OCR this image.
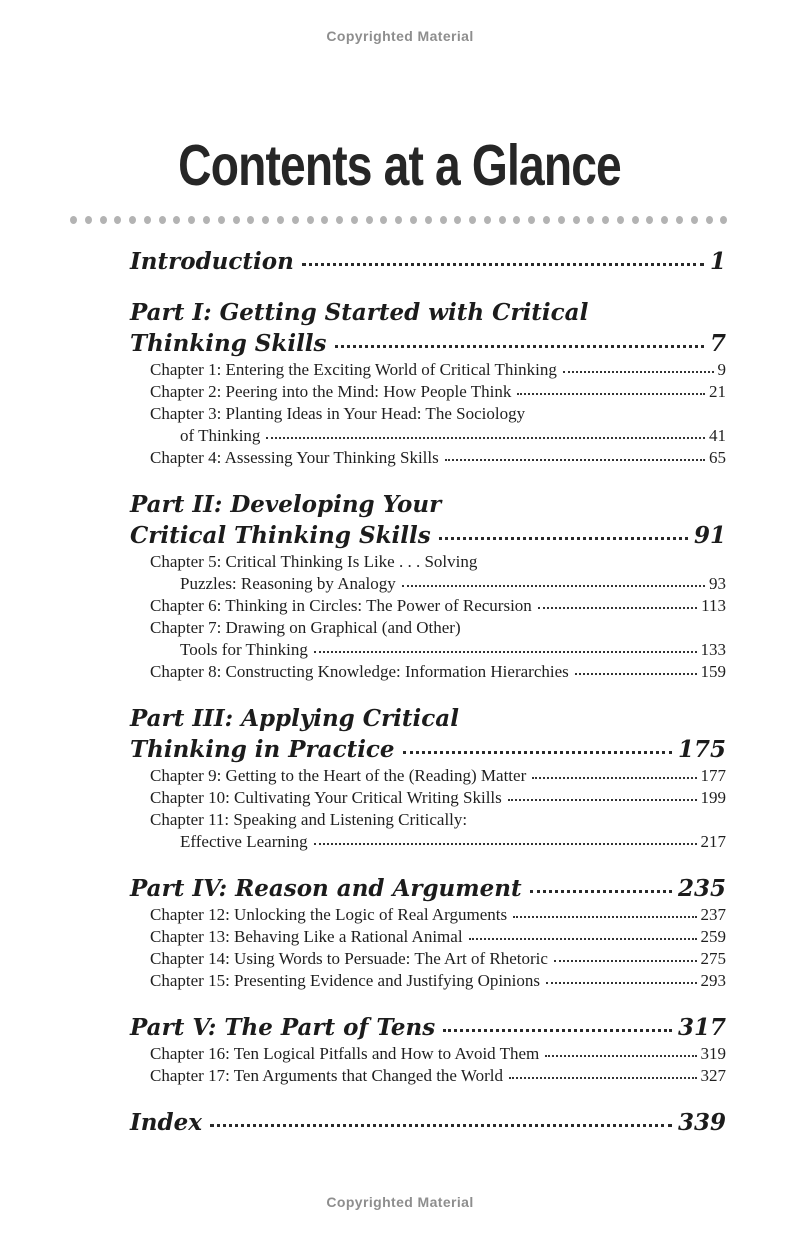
Copyrighted Material
Contents at a Glance
Introduction	1
Part I: Getting Started with Critical
Thinking Skills	7
Chapter 1: Entering the Exciting World of Critical Thinking	9
Chapter 2: Peering into the Mind: How People Think	21
Chapter 3: Planting Ideas in Your Head: The Sociology
of Thinking	41
Chapter 4: Assessing Your Thinking Skills	65
Part II: Developing Your
Critical Thinking Skills	91
Chapter 5: Critical Thinking Is Like . . . Solving
Puzzles: Reasoning by Analogy	93
Chapter 6: Thinking in Circles: The Power of Recursion	113
Chapter 7: Drawing on Graphical (and Other)
Tools for Thinking	133
Chapter 8: Constructing Knowledge: Information Hierarchies	159
Part III: Applying Critical
Thinking in Practice	175
Chapter 9: Getting to the Heart of the (Reading) Matter	177
Chapter 10: Cultivating Your Critical Writing Skills	199
Chapter 11: Speaking and Listening Critically:
Effective Learning	217
Part IV: Reason and Argument	235
Chapter 12: Unlocking the Logic of Real Arguments	237
Chapter 13: Behaving Like a Rational Animal	259
Chapter 14: Using Words to Persuade: The Art of Rhetoric	275
Chapter 15: Presenting Evidence and Justifying Opinions	293
Part V: The Part of Tens	317
Chapter 16: Ten Logical Pitfalls and How to Avoid Them	319
Chapter 17: Ten Arguments that Changed the World	327
Index	339
Copyrighted Material
